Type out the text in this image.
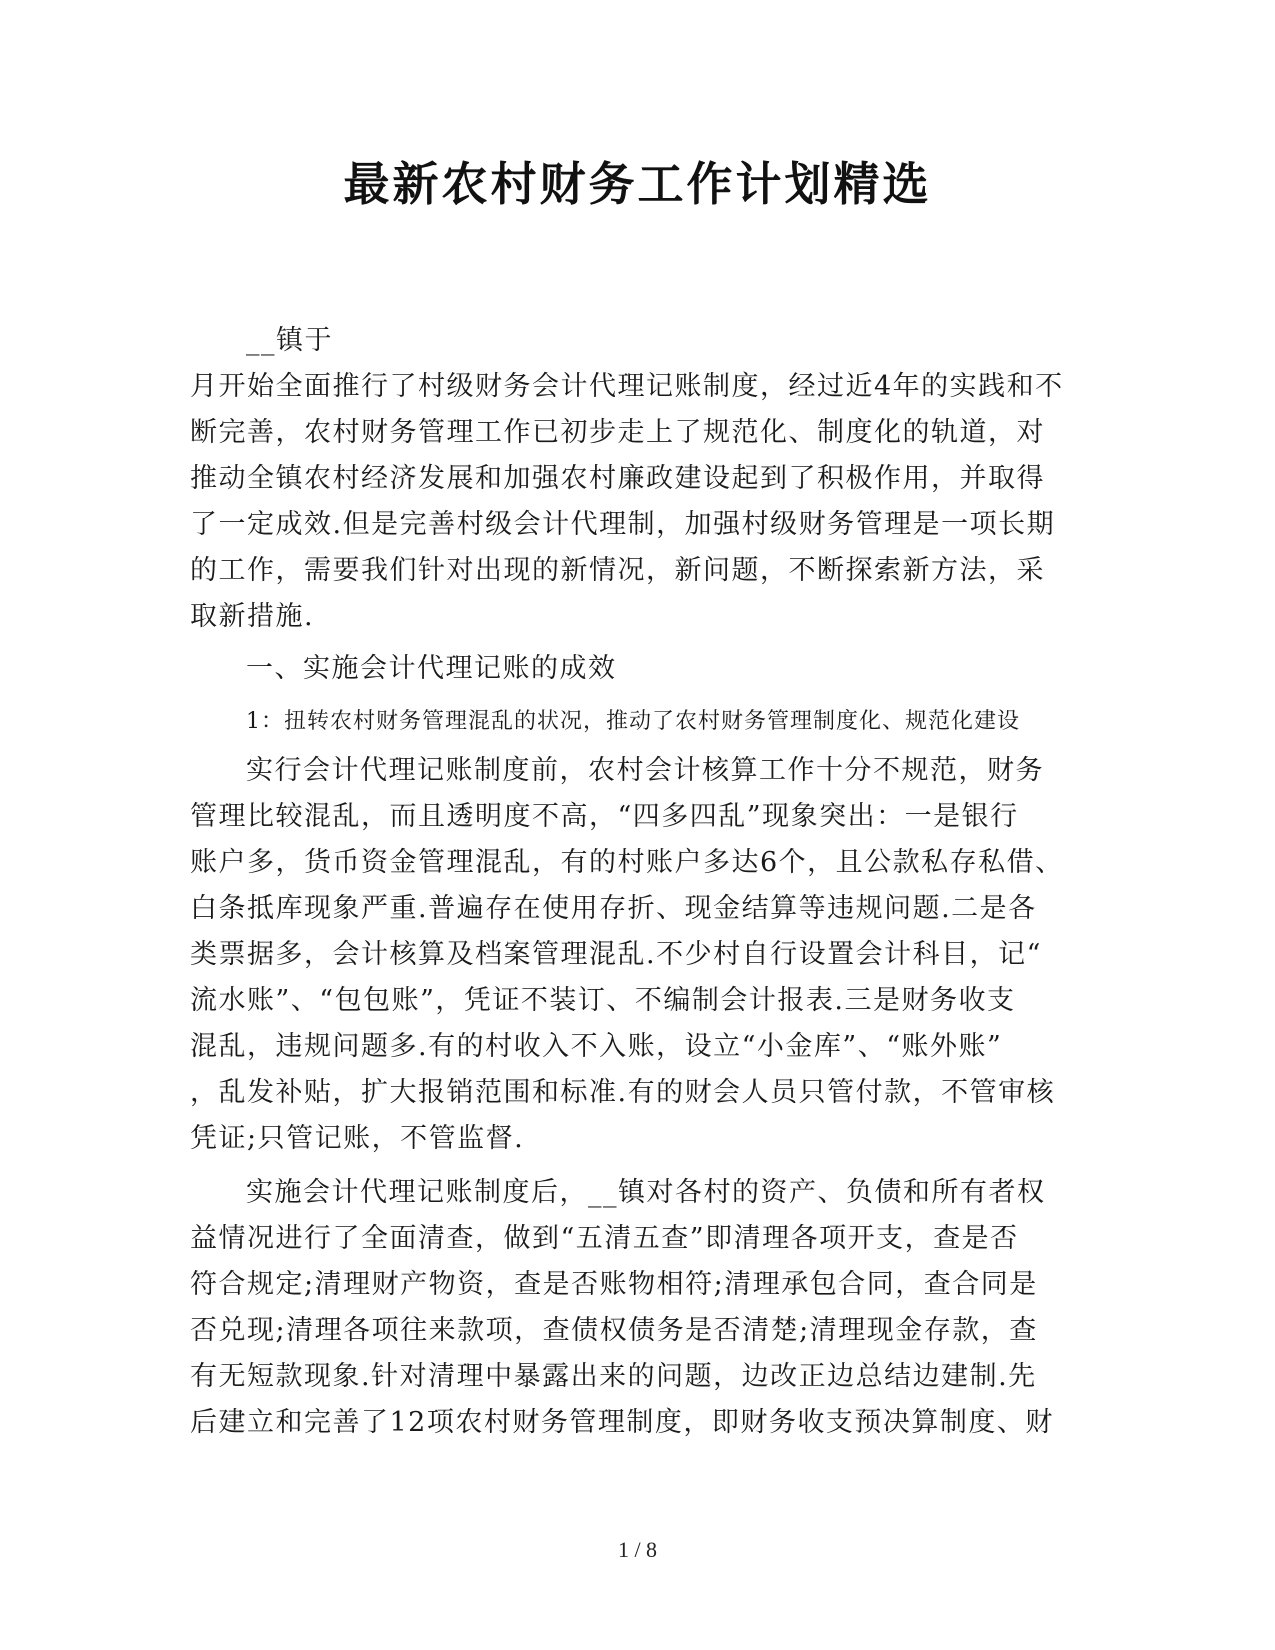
最新农村财务工作计划精选

__镇于

月开始全面推行了村级财务会计代理记账制度，经过近4年的实践和不

断完善，农村财务管理工作已初步走上了规范化、制度化的轨道，对

推动全镇农村经济发展和加强农村廉政建设起到了积极作用，并取得

了一定成效.但是完善村级会计代理制，加强村级财务管理是一项长期

的工作，需要我们针对出现的新情况，新问题，不断探索新方法，采

取新措施.

一、实施会计代理记账的成效

1：扭转农村财务管理混乱的状况，推动了农村财务管理制度化、规范化建设

实行会计代理记账制度前，农村会计核算工作十分不规范，财务

管理比较混乱，而且透明度不高，“四多四乱”现象突出：一是银行

账户多，货币资金管理混乱，有的村账户多达6个，且公款私存私借、

白条抵库现象严重.普遍存在使用存折、现金结算等违规问题.二是各

类票据多，会计核算及档案管理混乱.不少村自行设置会计科目，记“

流水账”、“包包账”，凭证不装订、不编制会计报表.三是财务收支

混乱，违规问题多.有的村收入不入账，设立“小金库”、“账外账”

，乱发补贴，扩大报销范围和标准.有的财会人员只管付款，不管审核

凭证;只管记账，不管监督.

实施会计代理记账制度后，__镇对各村的资产、负债和所有者权

益情况进行了全面清查，做到“五清五查”即清理各项开支，查是否

符合规定;清理财产物资，查是否账物相符;清理承包合同，查合同是

否兑现;清理各项往来款项，查债权债务是否清楚;清理现金存款，查

有无短款现象.针对清理中暴露出来的问题，边改正边总结边建制.先

后建立和完善了12项农村财务管理制度，即财务收支预决算制度、财

1 / 8
